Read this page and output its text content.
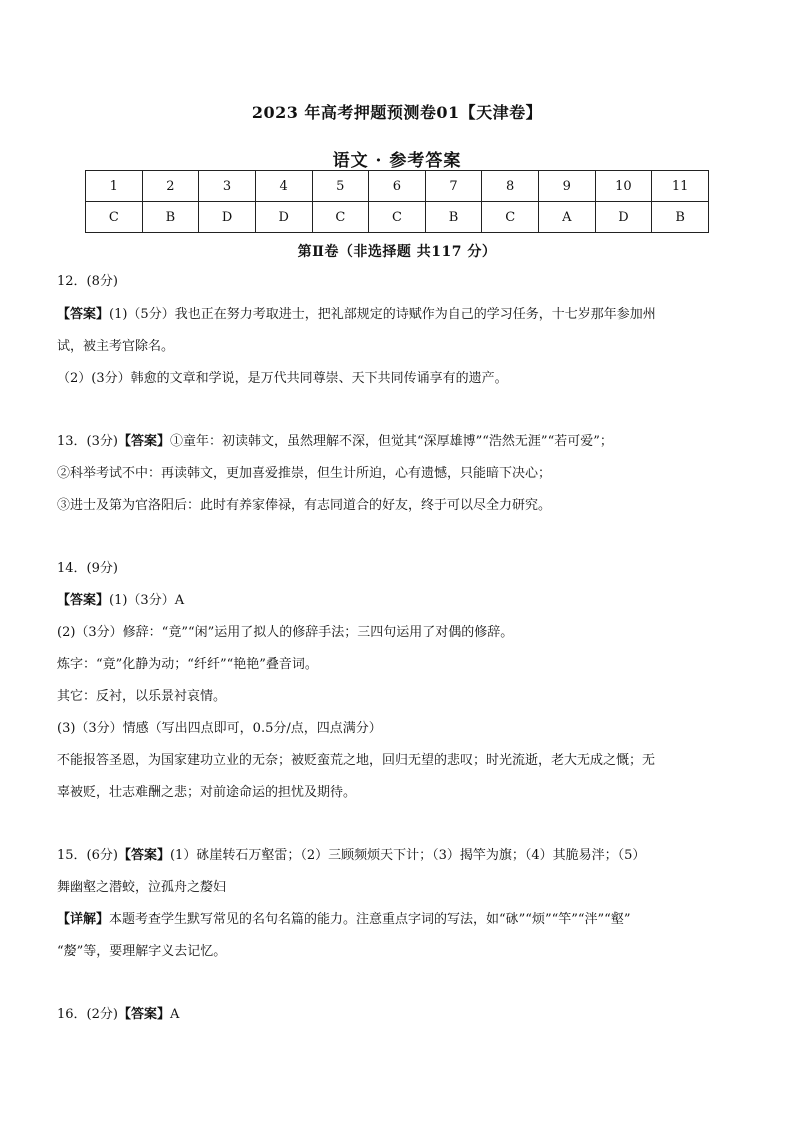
2023 年高考押题预测卷01【天津卷】
语文 · 参考答案
1	2	3	4	5	6	7	8	9	10	11
C	B	D	D	C	C	B	C	A	D	B
第Ⅱ卷（非选择题 共117 分）
12．(8分)
【答案】(1)（5分）我也正在努力考取进士，把礼部规定的诗赋作为自己的学习任务，十七岁那年参加州
试，被主考官除名。
（2）(3分）韩愈的文章和学说，是万代共同尊崇、天下共同传诵享有的遗产。
13．(3分)【答案】①童年：初读韩文，虽然理解不深，但觉其“深厚雄博”“浩然无涯”“若可爱”；
②科举考试不中：再读韩文，更加喜爱推崇，但生计所迫，心有遗憾，只能暗下决心；
③进士及第为官洛阳后：此时有养家俸禄，有志同道合的好友，终于可以尽全力研究。
14．(9分)
【答案】(1)（3分）A
(2)（3分）修辞：“竟”“闲”运用了拟人的修辞手法；三四句运用了对偶的修辞。
炼字：“竟”化静为动；“纤纤”“艳艳”叠音词。
其它：反衬，以乐景衬哀情。
(3)（3分）情感（写出四点即可，0.5分/点，四点满分）
不能报答圣恩，为国家建功立业的无奈；被贬蛮荒之地，回归无望的悲叹；时光流逝，老大无成之慨；无
辜被贬，壮志难酬之悲；对前途命运的担忧及期待。
15．(6分)【答案】(1）砯崖转石万壑雷；（2）三顾频烦天下计；（3）揭竿为旗；（4）其脆易泮；（5）
舞幽壑之潜蛟，泣孤舟之嫠妇
【详解】本题考查学生默写常见的名句名篇的能力。注意重点字词的写法，如“砯”“烦”“竿”“泮”“壑”
“嫠”等，要理解字义去记忆。
16．(2分)【答案】A
